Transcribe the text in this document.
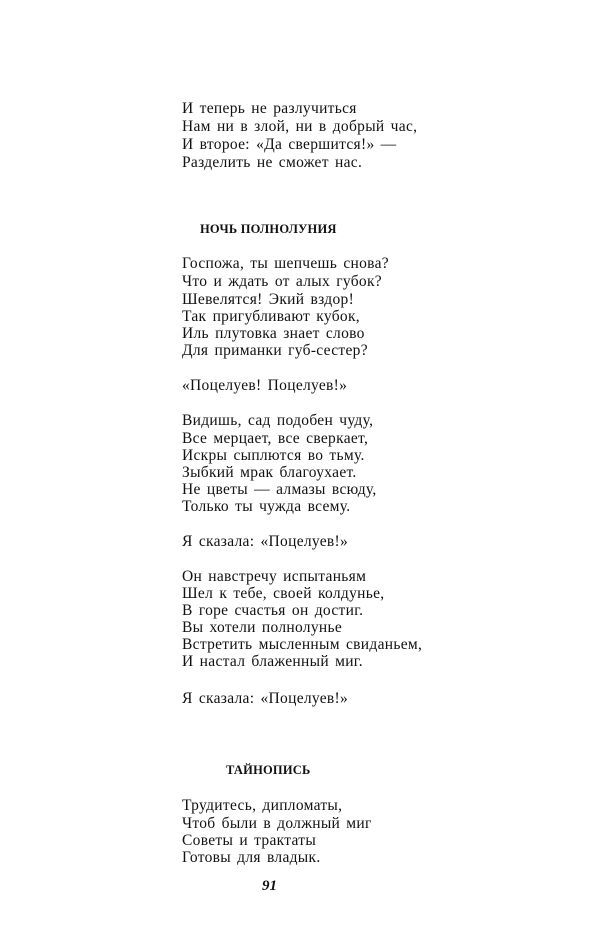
И теперь не разлучиться
Нам ни в злой, ни в добрый час,
И второе: «Да свершится!» —
Разделить не сможет нас.
НОЧЬ ПОЛНОЛУНИЯ
Госпожа, ты шепчешь снова?
Что и ждать от алых губок?
Шевелятся! Экий вздор!
Так пригубливают кубок,
Иль плутовка знает слово
Для приманки губ-сестер?
«Поцелуев! Поцелуев!»
Видишь, сад подобен чуду,
Все мерцает, все сверкает,
Искры сыплются во тьму.
Зыбкий мрак благоухает.
Не цветы — алмазы всюду,
Только ты чужда всему.
Я сказала: «Поцелуев!»
Он навстречу испытаньям
Шел к тебе, своей колдунье,
В горе счастья он достиг.
Вы хотели полнолунье
Встретить мысленным свиданьем,
И настал блаженный миг.
Я сказала: «Поцелуев!»
ТАЙНОПИСЬ
Трудитесь, дипломаты,
Чтоб были в должный миг
Советы и трактаты
Готовы для владык.
91
